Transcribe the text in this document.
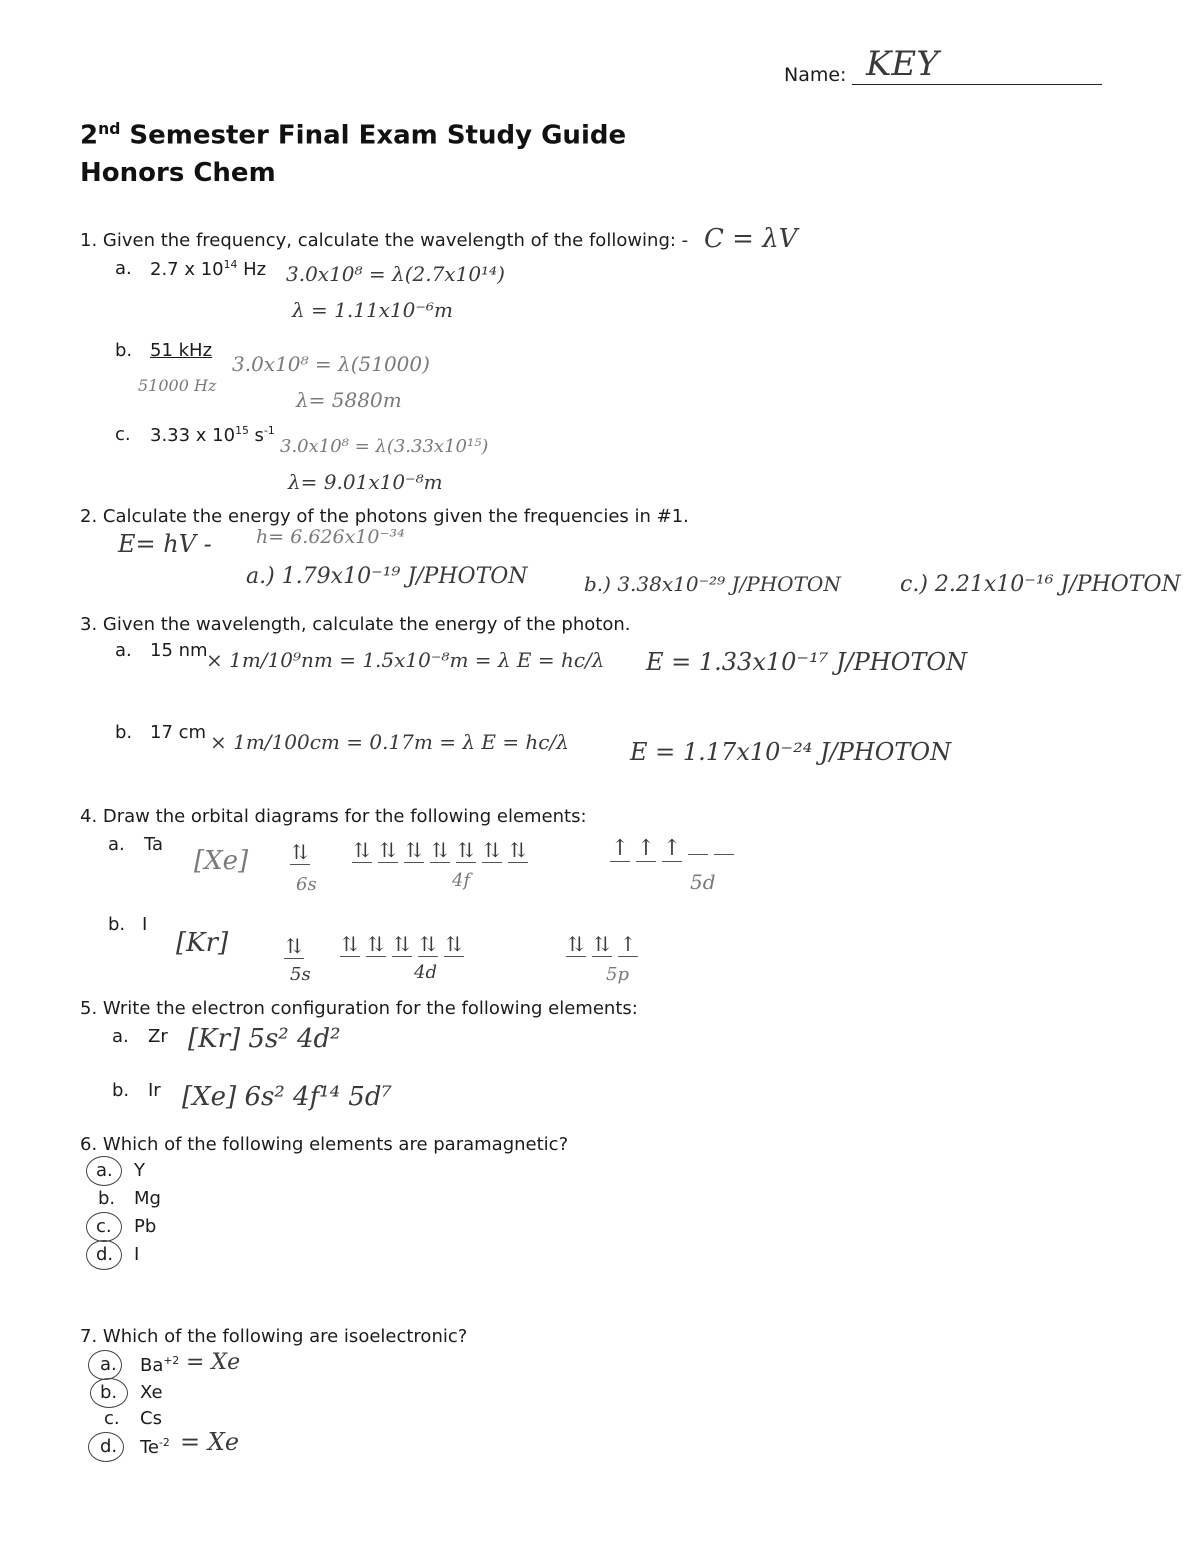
Name: KEY
2nd Semester Final Exam Study Guide
Honors Chem
1. Given the frequency, calculate the wavelength of the following: - C = λV
a. 2.7 x $10^{14}$ Hz 3.0x10⁸ = λ(2.7x10¹⁴)
λ = 1.11x10⁻⁶m
b. 51 kHz
51000 Hz
3.0x10⁸ = λ(51000)
λ= 5880m
c. 3.33 x $10^{15}$ $s^{-1}$
3.0x10⁸ = λ(3.33x10¹⁵)
λ= 9.01x10⁻⁸m
2. Calculate the energy of the photons given the frequencies in #1.
E= hV - h= 6.626x10⁻³⁴
a.) 1.79x10⁻¹⁹ J/PHOTON	b.) 3.38x10⁻²⁹ J/PHOTON	c.) 2.21x10⁻¹⁶ J/PHOTON
3. Given the wavelength, calculate the energy of the photon.
a. 15 nm
× 1m/10⁹nm = 1.5x10⁻⁸m = λ E = hc/λ E = 1.33x10⁻¹⁷ J/PHOTON
b. 17 cm × 1m/100cm = 0.17m = λ E = hc/λ	E = 1.17x10⁻²⁴ J/PHOTON
4. Draw the orbital diagrams for the following elements:
a. Ta
[Xe] ⇅
6s
⇅ ⇅ ⇅ ⇅ ⇅ ⇅ ⇅
4f
↑ ↑ ↑
5d
b. I
[Kr]	⇅
5s
⇅ ⇅ ⇅ ⇅ ⇅
4d
⇅ ⇅ ↑
5p
5. Write the electron configuration for the following elements:
a. Zr [Kr] 5s² 4d²
b. Ir [Xe] 6s² 4f¹⁴ 5d⁷
6. Which of the following elements are paramagnetic?
a. Y
b. Mg
c. Pb
d. I
7. Which of the following are isoelectronic?
a. $Ba^{+2} = Xe$
b. Xe
c. Cs
d. $Te^{-2} = Xe$
